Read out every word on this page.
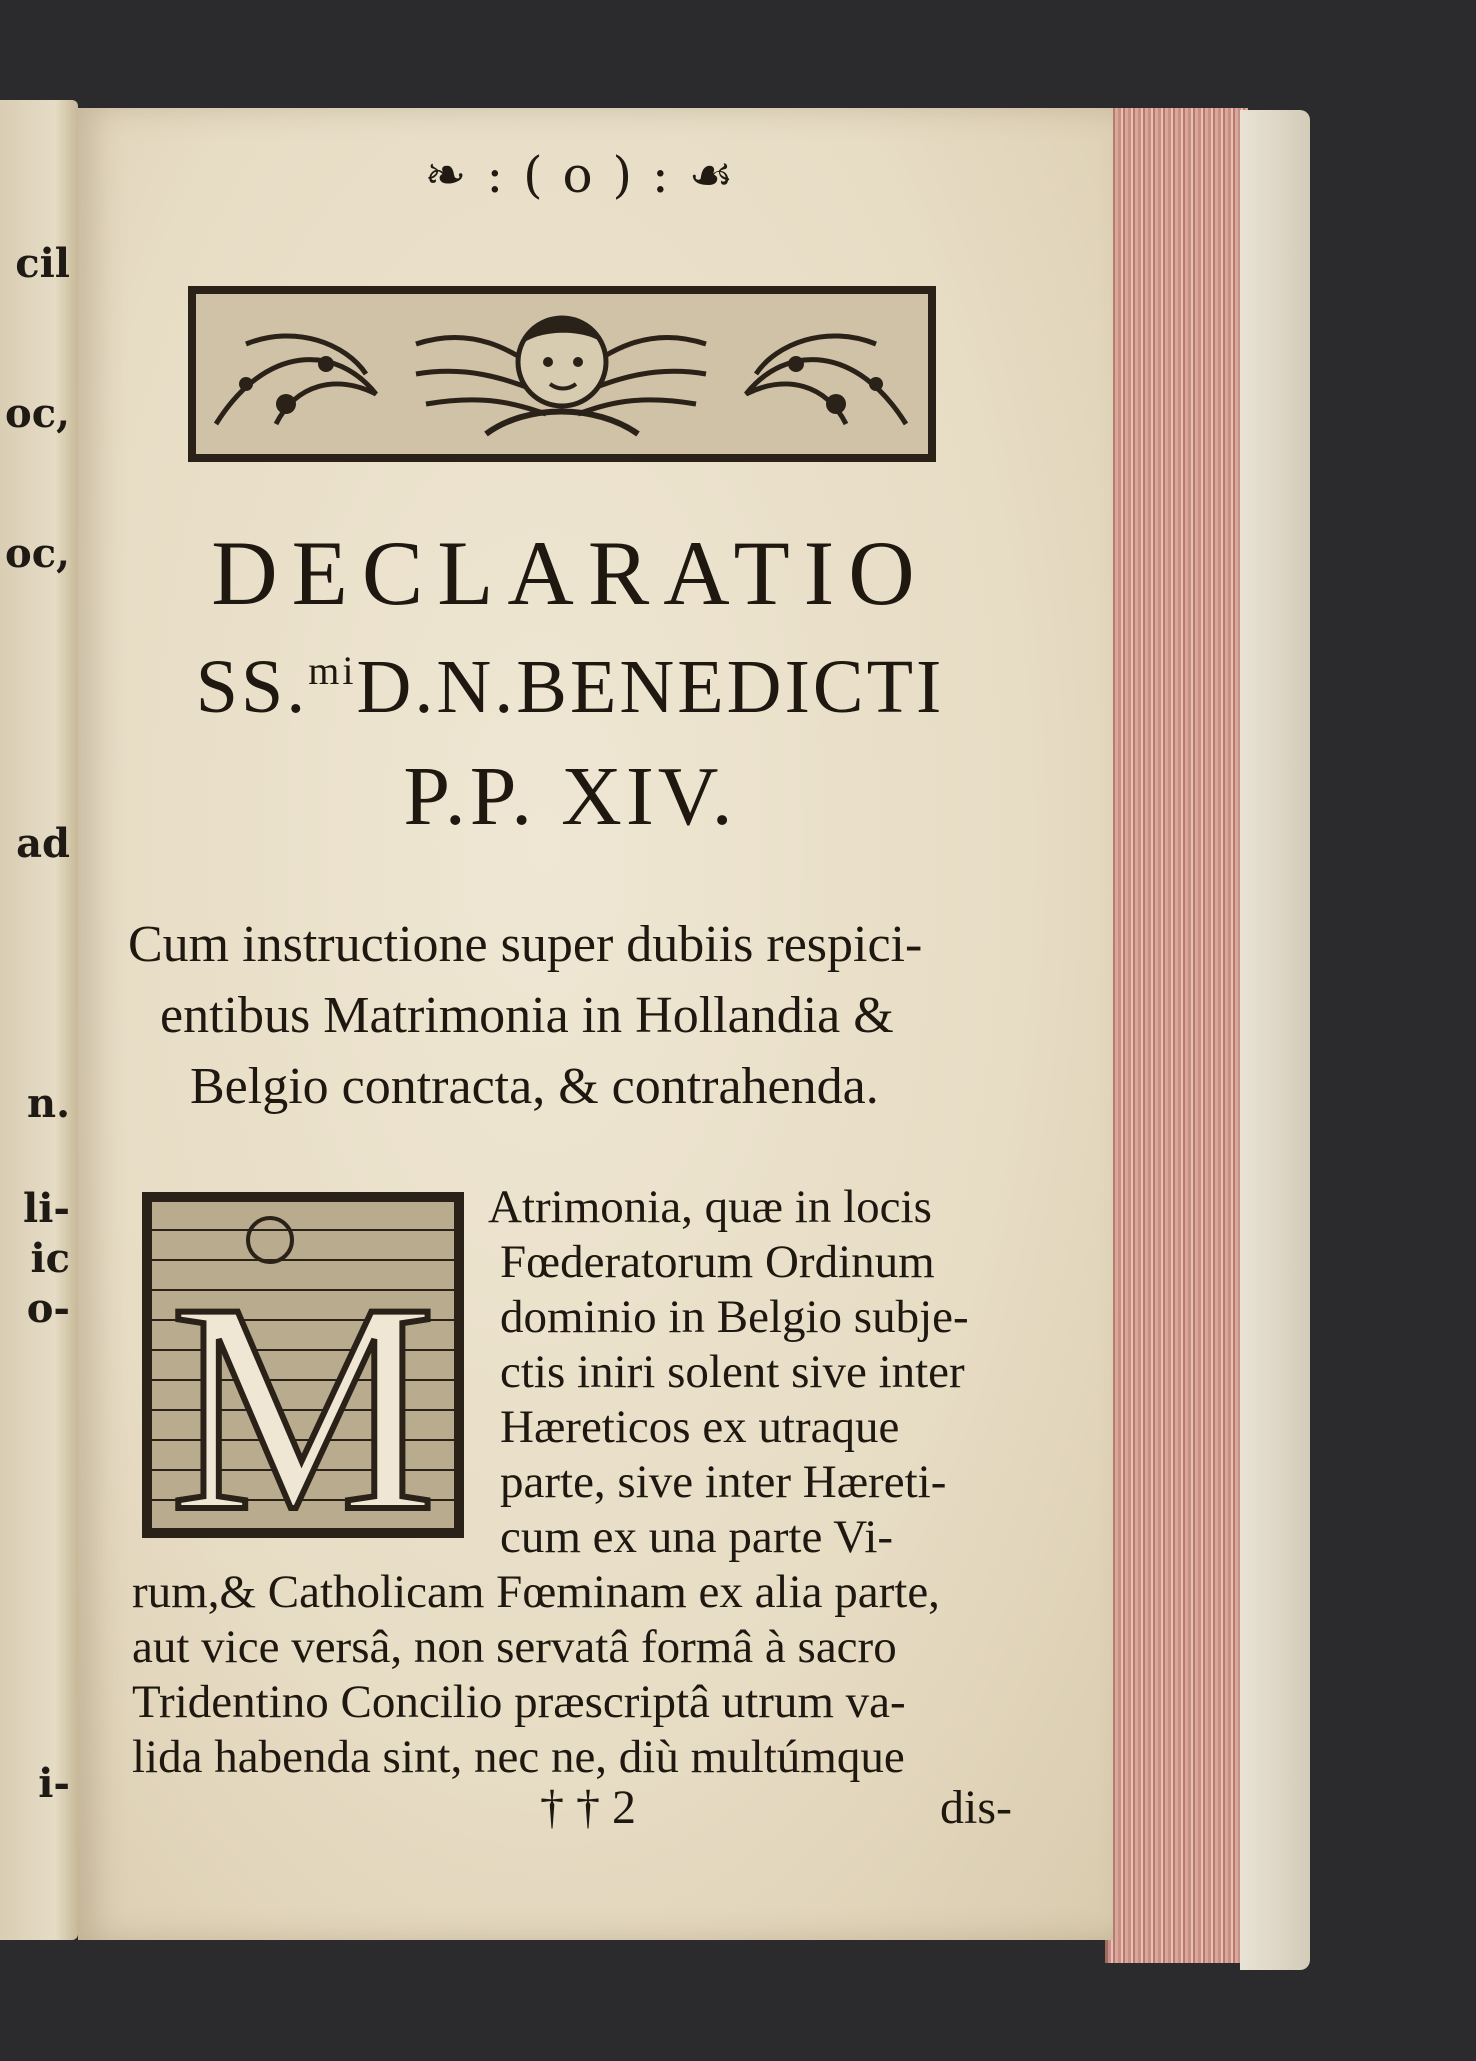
cil
oc,
oc,
ad
n.
li-
ic
o-
i-
❧ : ( o ) : ☙
DECLARATIO
SS.$^{mi}$D.N.BENEDICTI
P.P. XIV.
Cum instructione super dubiis respici-
entibus Matrimonia in Hollandia &
Belgio contracta, & contrahenda.
M
Atrimonia, quæ in locis
Fœderatorum Ordinum
dominio in Belgio subje-
ctis iniri solent sive inter
Hæreticos ex utraque
parte, sive inter Hæreti-
cum ex una parte Vi-
rum,& Catholicam Fœminam ex alia parte,
aut vice versâ, non servatâ formâ à sacro
Tridentino Concilio præscriptâ utrum va-
lida habenda sint, nec ne, diù multúmque
† † 2	dis-
